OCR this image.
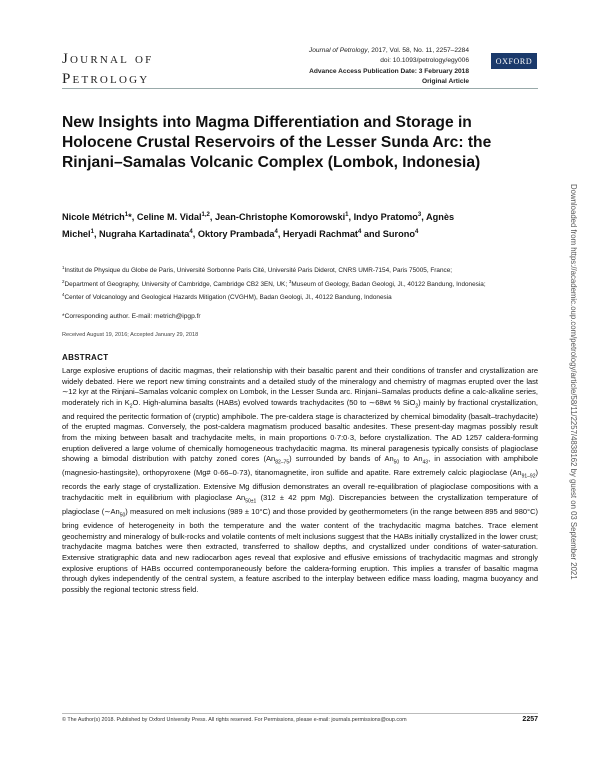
Journal of
Petrology
Journal of Petrology, 2017, Vol. 58, No. 11, 2257–2284
doi: 10.1093/petrology/egy006
Advance Access Publication Date: 3 February 2018
Original Article
OXFORD
New Insights into Magma Differentiation and Storage in Holocene Crustal Reservoirs of the Lesser Sunda Arc: the Rinjani–Samalas Volcanic Complex (Lombok, Indonesia)
Nicole Métrich$^1$*, Celine M. Vidal$^{1,2}$, Jean-Christophe Komorowski$^1$, Indyo Pratomo$^3$, Agnès Michel$^1$, Nugraha Kartadinata$^4$, Oktory Prambada$^4$, Heryadi Rachmat$^4$ and Surono$^4$
$^1$Institut de Physique du Globe de Paris, Université Sorbonne Paris Cité, Université Paris Diderot, CNRS UMR-7154, Paris 75005, France; $^2$Department of Geography, University of Cambridge, Cambridge CB2 3EN, UK; $^3$Museum of Geology, Badan Geologi, Jl., 40122 Bandung, Indonesia; $^4$Center of Volcanology and Geological Hazards Mitigation (CVGHM), Badan Geologi, Jl., 40122 Bandung, Indonesia
*Corresponding author. E-mail: metrich@ipgp.fr
Received August 19, 2016; Accepted January 29, 2018
ABSTRACT

Large explosive eruptions of dacitic magmas, their relationship with their basaltic parent and their conditions of transfer and crystallization are widely debated. Here we report new timing constraints and a detailed study of the mineralogy and chemistry of magmas erupted over the last ∼12 kyr at the Rinjani–Samalas volcanic complex on Lombok, in the Lesser Sunda arc. Rinjani–Samalas products define a calc-alkaline series, moderately rich in $K_2O$. High-alumina basalts (HABs) evolved towards trachydacites (50 to ∼68wt % SiO$_2$) mainly by fractional crystallization, and required the peritectic formation of (cryptic) amphibole. The pre-caldera stage is characterized by chemical bimodality (basalt–trachydacite) of the erupted magmas. Conversely, the post-caldera magmatism produced basaltic andesites. These present-day magmas possibly result from the mixing between basalt and trachydacite melts, in main proportions 0·7:0·3, before crystallization. The AD 1257 caldera-forming eruption delivered a large volume of chemically homogeneous trachydacitic magma. Its mineral paragenesis typically consists of plagioclase showing a bimodal distribution with patchy zoned cores $(An_{82-75})$ surrounded by bands of $An_{50}$ to $An_{43}$, in association with amphibole (magnesio-hastingsite), orthopyroxene (Mg# 0·66–0·73), titanomagnetite, iron sulfide and apatite. Rare extremely calcic plagioclase $(An_{91-92})$ records the early stage of crystallization. Extensive Mg diffusion demonstrates an overall re-equilibration of plagioclase compositions with a trachydacitic melt in equilibrium with plagioclase $An_{50\pm 1}$ (312 ± 42 ppm Mg). Discrepancies between the crystallization temperature of plagioclase $(\sim An_{50})$ measured on melt inclusions (989 ± 10°C) and those provided by geothermometers (in the range between 895 and 980°C) bring evidence of heterogeneity in both the temperature and the water content of the trachydacitic magma batches. Trace element geochemistry and mineralogy of bulk-rocks and volatile contents of melt inclusions suggest that the HABs initially crystallized in the lower crust; trachydacite magma batches were then extracted, transferred to shallow depths, and crystallized under conditions of water-saturation. Extensive stratigraphic data and new radiocarbon ages reveal that explosive and effusive emissions of trachydacitic magmas and strongly explosive eruptions of HABs occurred contemporaneously before the caldera-forming eruption. This implies a transfer of basaltic magma through dykes independently of the central system, a feature ascribed to the interplay between edifice mass loading, magma buoyancy and possibly the regional tectonic stress field.

© The Author(s) 2018. Published by Oxford University Press. All rights reserved. For Permissions, please e-mail: journals.permissions@oup.com	2257
Downloaded from https://academic.oup.com/petrology/article/58/11/2257/4838162 by guest on 03 September 2021
